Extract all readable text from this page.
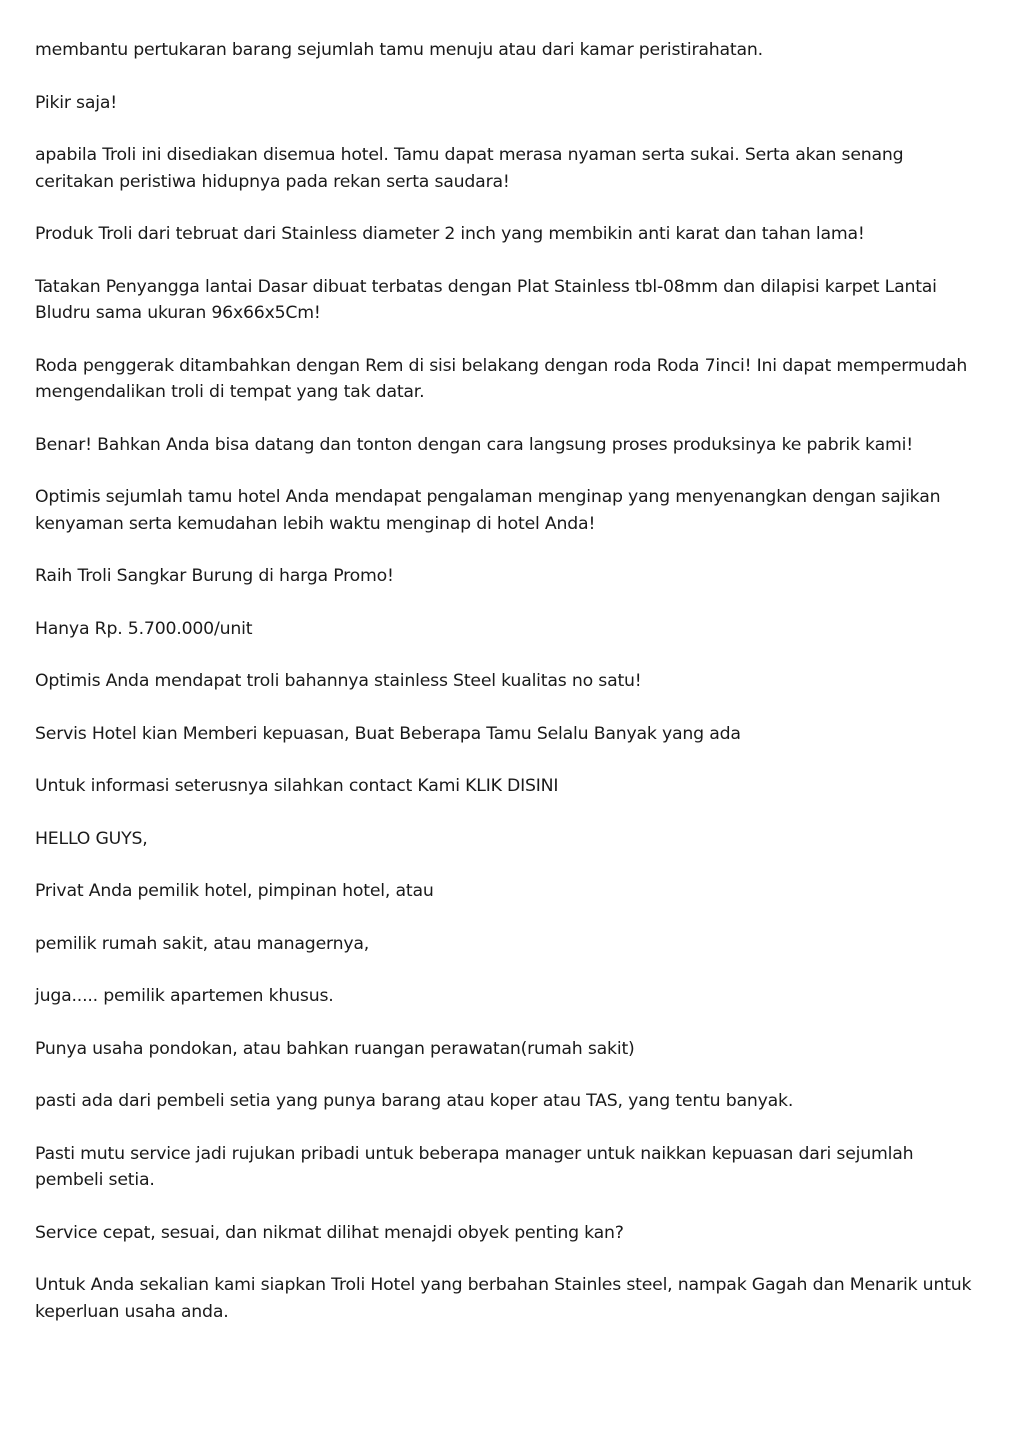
membantu pertukaran barang sejumlah tamu menuju atau dari kamar peristirahatan.

Pikir saja!

apabila Troli ini disediakan disemua hotel. Tamu dapat merasa nyaman serta sukai. Serta akan senang ceritakan peristiwa hidupnya pada rekan serta saudara!

Produk Troli dari tebruat dari Stainless diameter 2 inch yang membikin anti karat dan tahan lama!

Tatakan Penyangga lantai Dasar dibuat terbatas dengan Plat Stainless tbl-08mm dan dilapisi karpet Lantai Bludru sama ukuran 96x66x5Cm!

Roda penggerak ditambahkan dengan Rem di sisi belakang dengan roda Roda 7inci! Ini dapat mempermudah mengendalikan troli di tempat yang tak datar.

Benar! Bahkan Anda bisa datang dan tonton dengan cara langsung proses produksinya ke pabrik kami!

Optimis sejumlah tamu hotel Anda mendapat pengalaman menginap yang menyenangkan dengan sajikan kenyaman serta kemudahan lebih waktu menginap di hotel Anda!

Raih Troli Sangkar Burung di harga Promo!

Hanya Rp. 5.700.000/unit

Optimis Anda mendapat troli bahannya stainless Steel kualitas no satu!

Servis Hotel kian Memberi kepuasan, Buat Beberapa Tamu Selalu Banyak yang ada

Untuk informasi seterusnya silahkan contact Kami KLIK DISINI

HELLO GUYS,

Privat Anda pemilik hotel, pimpinan hotel, atau

pemilik rumah sakit, atau managernya,

juga..... pemilik apartemen khusus.

Punya usaha pondokan, atau bahkan ruangan perawatan(rumah sakit)

pasti ada dari pembeli setia yang punya barang atau koper atau TAS, yang tentu banyak.

Pasti mutu service jadi rujukan pribadi untuk beberapa manager untuk naikkan kepuasan dari sejumlah pembeli setia.

Service cepat, sesuai, dan nikmat dilihat menajdi obyek penting kan?

Untuk Anda sekalian kami siapkan Troli Hotel yang berbahan Stainles steel, nampak Gagah dan Menarik untuk keperluan usaha anda.
